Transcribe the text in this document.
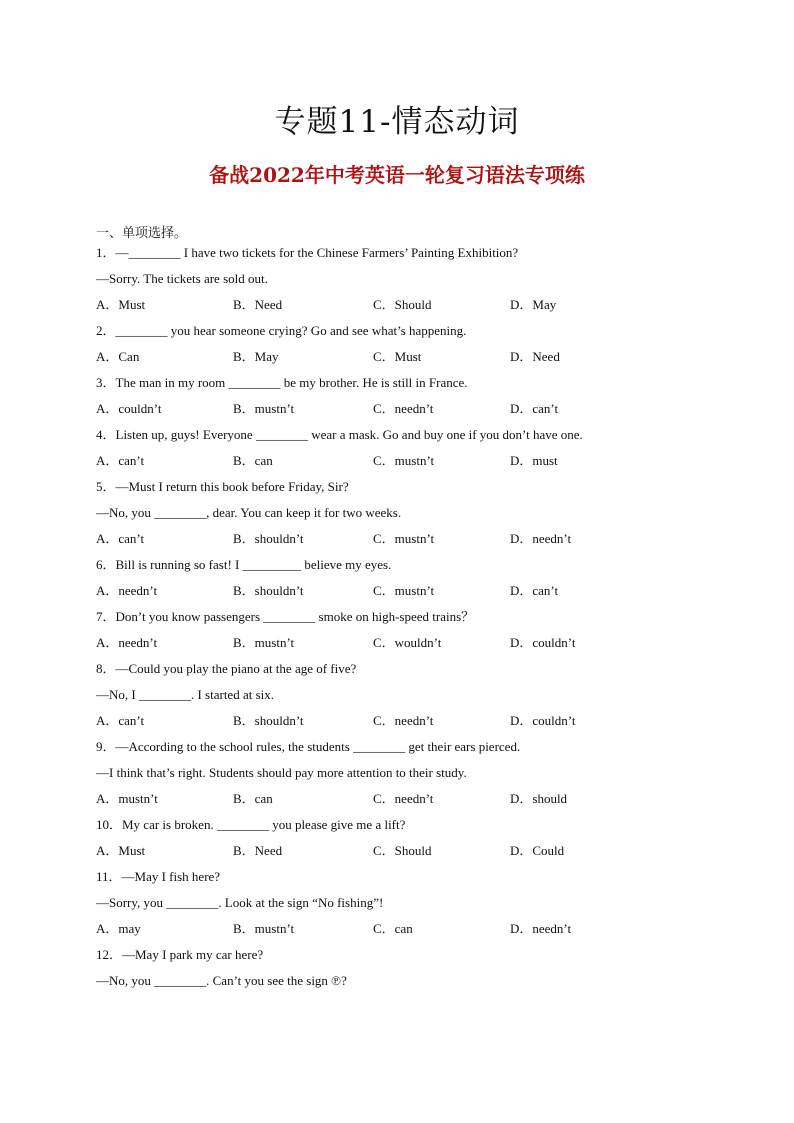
专题11-情态动词
备战2022年中考英语一轮复习语法专项练
一、单项选择。
1．—________ I have two tickets for the Chinese Farmers’ Painting Exhibition?
—Sorry. The tickets are sold out.
A．Must	B．Need	C．Should	D．May
2．________ you hear someone crying? Go and see what’s happening.
A．Can	B．May	C．Must	D．Need
3．The man in my room ________ be my brother. He is still in France.
A．couldn’t	B．mustn’t	C．needn’t	D．can’t
4．Listen up, guys! Everyone ________ wear a mask. Go and buy one if you don’t have one.
A．can’t	B．can	C．mustn’t	D．must
5．—Must I return this book before Friday, Sir?
—No, you ________, dear. You can keep it for two weeks.
A．can’t	B．shouldn’t	C．mustn’t	D．needn’t
6．Bill is running so fast! I _________ believe my eyes.
A．needn’t	B．shouldn’t	C．mustn’t	D．can’t
7．Don’t you know passengers ________ smoke on high-speed trains？
A．needn’t	B．mustn’t	C．wouldn’t	D．couldn’t
8．—Could you play the piano at the age of five?
—No, I ________. I started at six.
A．can’t	B．shouldn’t	C．needn’t	D．couldn’t
9．—According to the school rules, the students ________ get their ears pierced.
—I think that’s right. Students should pay more attention to their study.
A．mustn’t	B．can	C．needn’t	D．should
10．My car is broken. ________ you please give me a lift?
A．Must	B．Need	C．Should	D．Could
11．—May I fish here?
—Sorry, you ________. Look at the sign “No fishing”!
A．may	B．mustn’t	C．can	D．needn’t
12．—May I park my car here?
—No, you ________. Can’t you see the sign ℗?
